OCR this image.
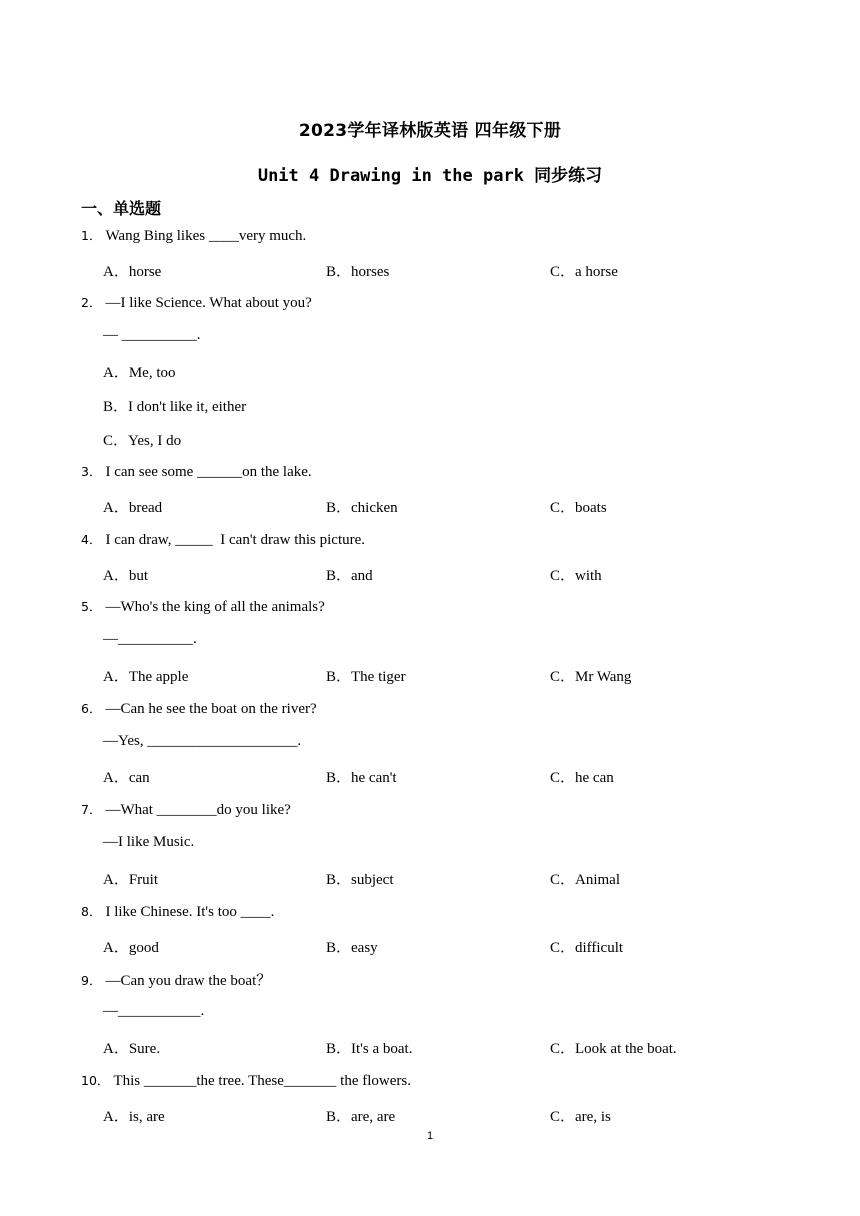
2023学年译林版英语 四年级下册
Unit 4 Drawing in the park 同步练习
一、单选题
1． Wang Bing likes ____very much.
A．horse	B．horses	C．a horse
2． —I like Science. What about you?
— __________.
A．Me, too
B．I don't like it, either
C．Yes, I do
3． I can see some ______on the lake.
A．bread	B．chicken	C．boats
4． I can draw, _____  I can't draw this picture.
A．but	B．and	C．with
5． —Who's the king of all the animals?
—__________.
A．The apple	B．The tiger	C．Mr Wang
6． —Can he see the boat on the river?
—Yes, ____________________.
A．can	B．he can't	C．he can
7． —What ________do you like?
—I like Music.
A．Fruit	B．subject	C．Animal
8． I like Chinese. It's too ____.
A．good	B．easy	C．difficult
9． —Can you draw the boat？
—___________.
A．Sure.	B．It's a boat.	C．Look at the boat.
10． This _______the tree. These_______ the flowers.
A．is, are	B．are, are	C．are, is
1
